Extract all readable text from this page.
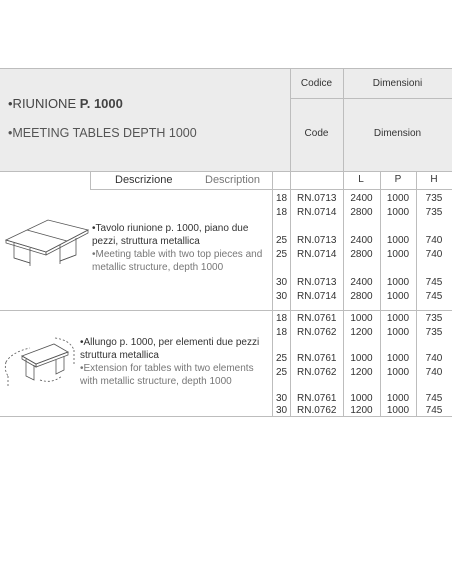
•RIUNIONE P. 1000
•MEETING TABLES DEPTH 1000
Codice
Code
Dimensioni
Dimension
Descrizione	Description	L	P	H
•Tavolo riunione p. 1000, piano due pezzi, struttura metallica
•Meeting table with two top pieces and metallic structure, depth 1000
•Allungo p. 1000, per elementi due pezzi struttura metallica
•Extension for tables with two elements with metallic structure, depth 1000
18 RN.0713	2400	1000	735
18 RN.0714	2800	1000	735
25 RN.0713	2400	1000	740
25 RN.0714	2800	1000	740
30 RN.0713	2400	1000	745
30 RN.0714	2800	1000	745
18 RN.0761	1000	1000	735
18 RN.0762	1200	1000	735
25 RN.0761	1000	1000	740
25 RN.0762	1200	1000	740
30 RN.0761	1000	1000	745
30 RN.0762	1200	1000	745
